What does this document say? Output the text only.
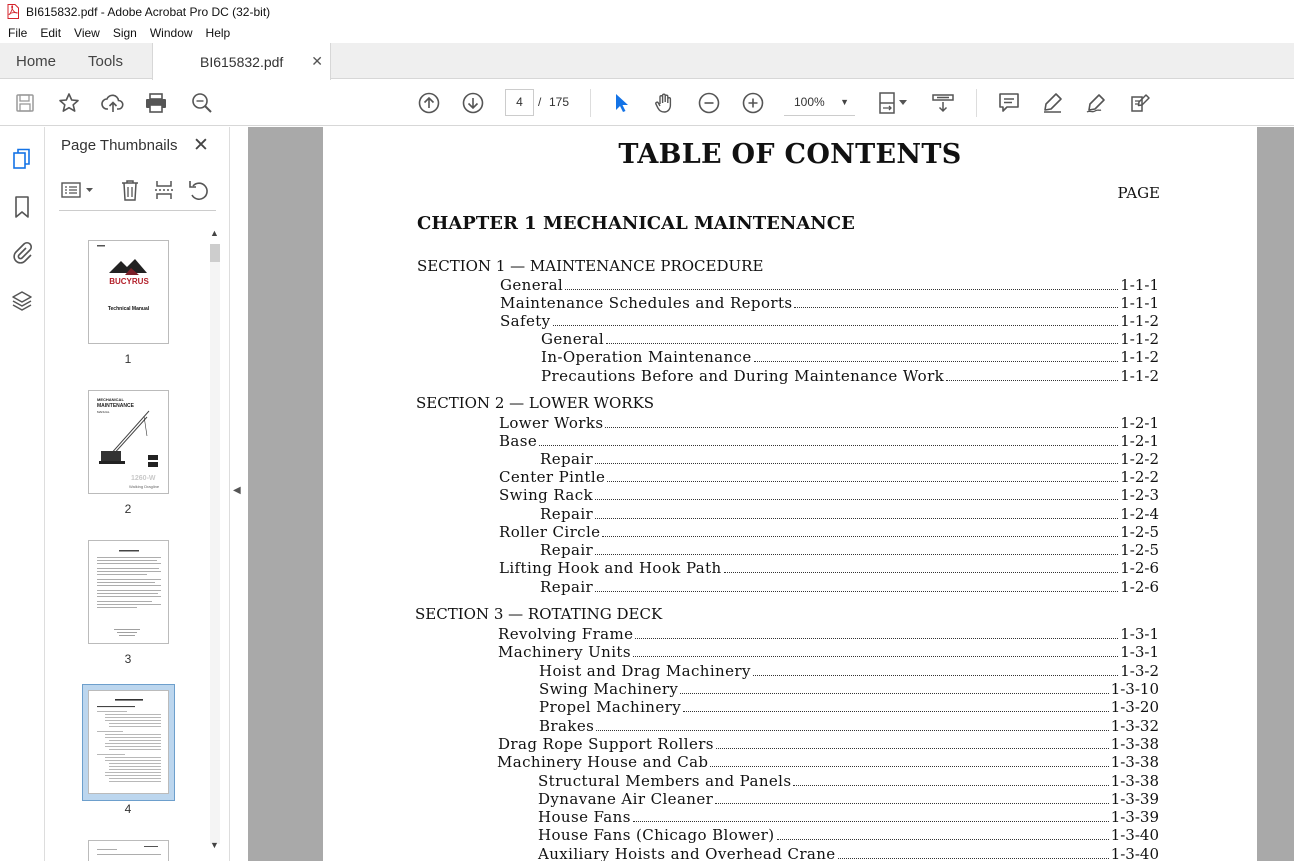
BI615832.pdf - Adobe Acrobat Pro DC (32-bit)
File Edit View Sign Window Help
Home Tools	BI615832.pdf ✕
4	/ 175	100% ▼
Page Thumbnails ✕
BUCYRUS
Technical Manual
1
MECHANICAL
MAINTENANCE
MANUAL
1260-W
Walking Dragline
2
3
4
▲
▼
◀
TABLE OF CONTENTS
PAGE
CHAPTER 1 MECHANICAL MAINTENANCE
SECTION 1 — MAINTENANCE PROCEDURE
General	1-1-1
Maintenance Schedules and Reports	1-1-1
Safety	1-1-2
General	1-1-2
In-Operation Maintenance	1-1-2
Precautions Before and During Maintenance Work	1-1-2
SECTION 2 — LOWER WORKS
Lower Works	1-2-1
Base	1-2-1
Repair	1-2-2
Center Pintle	1-2-2
Swing Rack	1-2-3
Repair	1-2-4
Roller Circle	1-2-5
Repair	1-2-5
Lifting Hook and Hook Path	1-2-6
Repair	1-2-6
SECTION 3 — ROTATING DECK
Revolving Frame	1-3-1
Machinery Units	1-3-1
Hoist and Drag Machinery	1-3-2
Swing Machinery	1-3-10
Propel Machinery	1-3-20
Brakes	1-3-32
Drag Rope Support Rollers	1-3-38
Machinery House and Cab	1-3-38
Structural Members and Panels	1-3-38
Dynavane Air Cleaner	1-3-39
House Fans	1-3-39
House Fans (Chicago Blower)	1-3-40
Auxiliary Hoists and Overhead Crane	1-3-40
